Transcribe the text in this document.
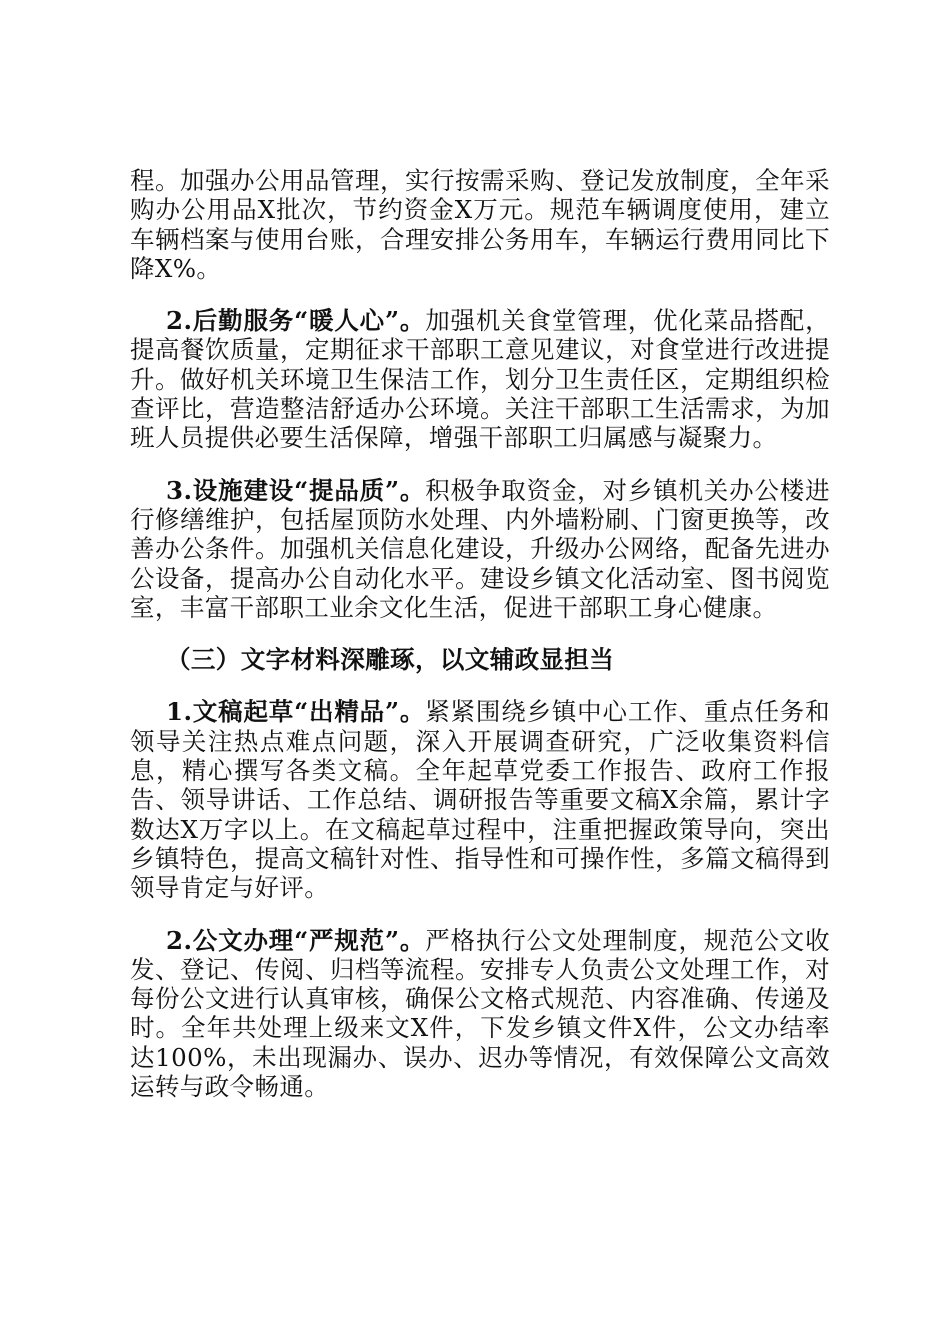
程。加强办公用品管理，实行按需采购、登记发放制度，全年采购办公用品X批次，节约资金X万元。规范车辆调度使用，建立车辆档案与使用台账，合理安排公务用车，车辆运行费用同比下降X%。

2.后勤服务“暖人心”。加强机关食堂管理，优化菜品搭配，提高餐饮质量，定期征求干部职工意见建议，对食堂进行改进提升。做好机关环境卫生保洁工作，划分卫生责任区，定期组织检查评比，营造整洁舒适办公环境。关注干部职工生活需求，为加班人员提供必要生活保障，增强干部职工归属感与凝聚力。

3.设施建设“提品质”。积极争取资金，对乡镇机关办公楼进行修缮维护，包括屋顶防水处理、内外墙粉刷、门窗更换等，改善办公条件。加强机关信息化建设，升级办公网络，配备先进办公设备，提高办公自动化水平。建设乡镇文化活动室、图书阅览室，丰富干部职工业余文化生活，促进干部职工身心健康。

（三）文字材料深雕琢，以文辅政显担当

1.文稿起草“出精品”。紧紧围绕乡镇中心工作、重点任务和领导关注热点难点问题，深入开展调查研究，广泛收集资料信息，精心撰写各类文稿。全年起草党委工作报告、政府工作报告、领导讲话、工作总结、调研报告等重要文稿X余篇，累计字数达X万字以上。在文稿起草过程中，注重把握政策导向，突出乡镇特色，提高文稿针对性、指导性和可操作性，多篇文稿得到领导肯定与好评。

2.公文办理“严规范”。严格执行公文处理制度，规范公文收发、登记、传阅、归档等流程。安排专人负责公文处理工作，对每份公文进行认真审核，确保公文格式规范、内容准确、传递及时。全年共处理上级来文X件，下发乡镇文件X件，公文办结率达100%，未出现漏办、误办、迟办等情况，有效保障公文高效运转与政令畅通。
